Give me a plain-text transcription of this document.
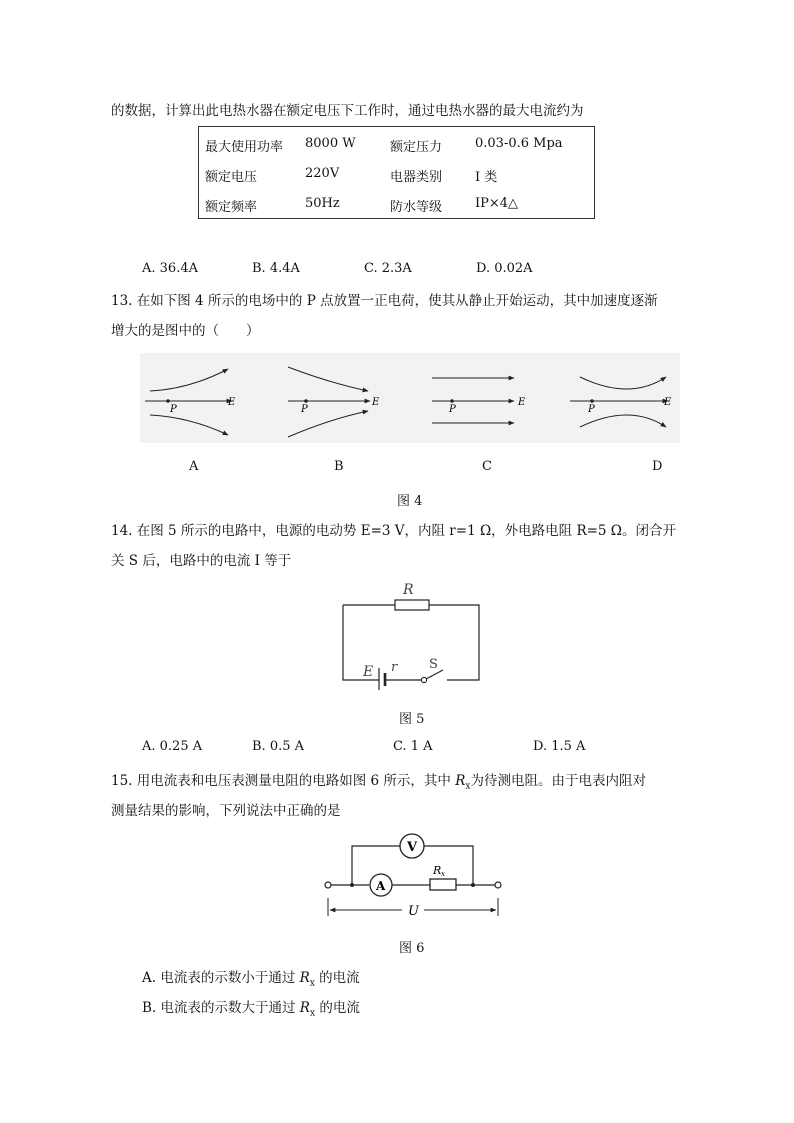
的数据，计算出此电热水器在额定电压下工作时，通过电热水器的最大电流约为
最大使用功率 8000 W	额定压力	0.03-0.6 Mpa
额定电压	220V	电器类别	I 类
额定频率	50Hz	防水等级	IP×4△
A. 36.4A	B. 4.4A	C. 2.3A	D. 0.02A
13. 在如下图 4 所示的电场中的 P 点放置一正电荷，使其从静止开始运动，其中加速度逐渐
增大的是图中的（　　）
P
E
P
E
P
E
P
E
A	B	C	D
图 4
14. 在图 5 所示的电路中，电源的电动势 E=3 V，内阻 r=1 Ω，外电路电阻 R=5 Ω。闭合开
关 S 后，电路中的电流 I 等于
R
E r S
图 5
A. 0.25 A	B. 0.5 A	C. 1 A	D. 1.5 A
15. 用电流表和电压表测量电阻的电路如图 6 所示，其中 $R_x$为待测电阻。由于电表内阻对
测量结果的影响，下列说法中正确的是
V
A
R x
U
图 6
A. 电流表的示数小于通过 $R_x$ 的电流
B. 电流表的示数大于通过 $R_x$ 的电流
